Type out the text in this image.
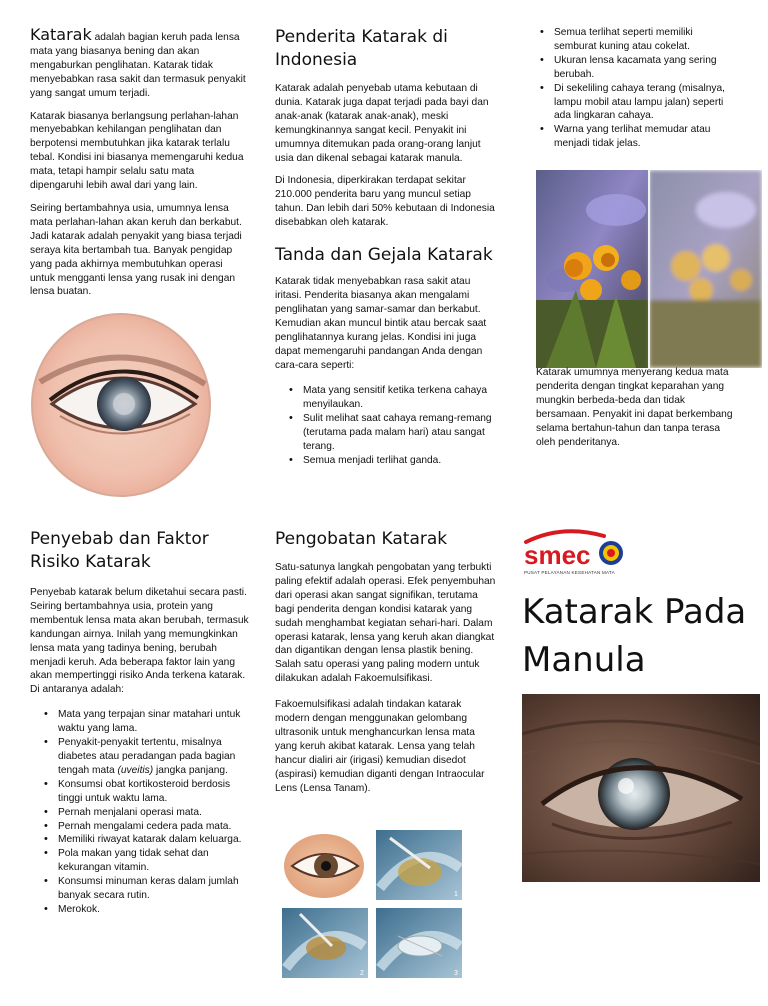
Katarak adalah bagian keruh pada lensa mata yang biasanya bening dan akan mengaburkan penglihatan. Katarak tidak menyebabkan rasa sakit dan termasuk penyakit yang sangat umum terjadi.

Katarak biasanya berlangsung perlahan-lahan menyebabkan kehilangan penglihatan dan berpotensi membutuhkan jika katarak terlalu tebal. Kondisi ini biasanya memengaruhi kedua mata, tetapi hampir selalu satu mata dipengaruhi lebih awal dari yang lain.

Seiring bertambahnya usia, umumnya lensa mata perlahan-lahan akan keruh dan berkabut. Jadi katarak adalah penyakit yang biasa terjadi seraya kita bertambah tua. Banyak pengidap yang pada akhirnya membutuhkan operasi untuk mengganti lensa yang rusak ini dengan lensa buatan.

Penderita Katarak di Indonesia

Katarak adalah penyebab utama kebutaan di dunia. Katarak juga dapat terjadi pada bayi dan anak-anak (katarak anak-anak), meski kemungkinannya sangat kecil. Penyakit ini umumnya ditemukan pada orang-orang lanjut usia dan dikenal sebagai katarak manula.

Di Indonesia, diperkirakan terdapat sekitar 210.000 penderita baru yang muncul setiap tahun. Dan lebih dari 50% kebutaan di Indonesia disebabkan oleh katarak.

Tanda dan Gejala Katarak

Katarak tidak menyebabkan rasa sakit atau iritasi. Penderita biasanya akan mengalami penglihatan yang samar-samar dan berkabut. Kemudian akan muncul bintik atau bercak saat penglihatannya kurang jelas. Kondisi ini juga dapat memengaruhi pandangan Anda dengan cara-cara seperti:

• Mata yang sensitif ketika terkena cahaya menyilaukan.
• Sulit melihat saat cahaya remang-remang (terutama pada malam hari) atau sangat terang.
• Semua menjadi terlihat ganda.
• Semua terlihat seperti memiliki semburat kuning atau cokelat.
• Ukuran lensa kacamata yang sering berubah.
• Di sekeliling cahaya terang (misalnya, lampu mobil atau lampu jalan) seperti ada lingkaran cahaya.
• Warna yang terlihat memudar atau menjadi tidak jelas.

Katarak umumnya menyerang kedua mata penderita dengan tingkat keparahan yang mungkin berbeda-beda dan tidak bersamaan. Penyakit ini dapat berkembang selama bertahun-tahun dan tanpa terasa oleh penderitanya.

Penyebab dan Faktor Risiko Katarak

Penyebab katarak belum diketahui secara pasti. Seiring bertambahnya usia, protein yang membentuk lensa mata akan berubah, termasuk kandungan airnya. Inilah yang memungkinkan lensa mata yang tadinya bening, berubah menjadi keruh. Ada beberapa faktor lain yang akan mempertinggi risiko Anda terkena katarak. Di antaranya adalah:

• Mata yang terpajan sinar matahari untuk waktu yang lama.
• Penyakit-penyakit tertentu, misalnya diabetes atau peradangan pada bagian tengah mata (uveitis) jangka panjang.
• Konsumsi obat kortikosteroid berdosis tinggi untuk waktu lama.
• Pernah menjalani operasi mata.
• Pernah mengalami cedera pada mata.
• Memiliki riwayat katarak dalam keluarga.
• Pola makan yang tidak sehat dan kekurangan vitamin.
• Konsumsi minuman keras dalam jumlah banyak secara rutin.
• Merokok.
Pengobatan Katarak

Satu-satunya langkah pengobatan yang terbukti paling efektif adalah operasi. Efek penyembuhan dari operasi akan sangat signifikan, terutama bagi penderita dengan kondisi katarak yang sudah menghambat kegiatan sehari-hari. Dalam operasi katarak, lensa yang keruh akan diangkat dan digantikan dengan lensa plastik bening. Salah satu operasi yang paling modern untuk dilakukan adalah Fakoemulsifikasi.

Fakoemulsifikasi adalah tindakan katarak modern dengan menggunakan gelombang ultrasonik untuk menghancurkan lensa mata yang keruh akibat katarak. Lensa yang telah hancur dialiri air (irigasi) kemudian disedot (aspirasi) kemudian diganti dengan Intraocular Lens (Lensa Tanam).

1
2	3
smec
PUSAT PELAYANAN KESEHATAN MATA
Katarak Pada Manula
